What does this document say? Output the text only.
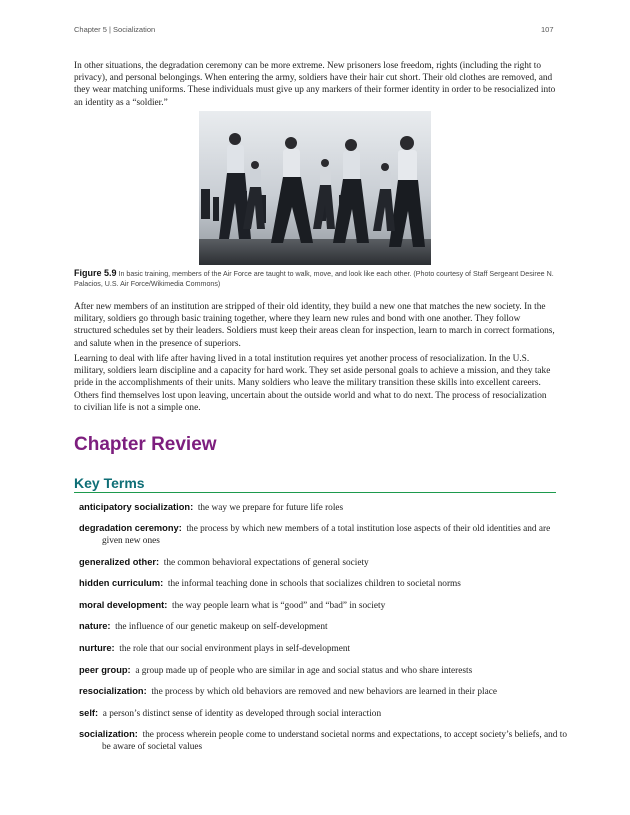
Chapter 5 | Socialization	107

In other situations, the degradation ceremony can be more extreme. New prisoners lose freedom, rights (including the right to privacy), and personal belongings. When entering the army, soldiers have their hair cut short. Their old clothes are removed, and they wear matching uniforms. These individuals must give up any markers of their former identity in order to be resocialized into an identity as a “soldier.”

Figure 5.9 In basic training, members of the Air Force are taught to walk, move, and look like each other. (Photo courtesy of Staff Sergeant Desiree N. Palacios, U.S. Air Force/Wikimedia Commons)

After new members of an institution are stripped of their old identity, they build a new one that matches the new society. In the military, soldiers go through basic training together, where they learn new rules and bond with one another. They follow structured schedules set by their leaders. Soldiers must keep their areas clean for inspection, learn to march in correct formations, and salute when in the presence of superiors.

Learning to deal with life after having lived in a total institution requires yet another process of resocialization. In the U.S. military, soldiers learn discipline and a capacity for hard work. They set aside personal goals to achieve a mission, and they take pride in the accomplishments of their units. Many soldiers who leave the military transition these skills into excellent careers. Others find themselves lost upon leaving, uncertain about the outside world and what to do next. The process of resocialization to civilian life is not a simple one.

Chapter Review
Key Terms

anticipatory socialization: the way we prepare for future life roles

degradation ceremony: the process by which new members of a total institution lose aspects of their old identities and are given new ones

generalized other: the common behavioral expectations of general society

hidden curriculum: the informal teaching done in schools that socializes children to societal norms

moral development: the way people learn what is “good” and “bad” in society

nature: the influence of our genetic makeup on self-development

nurture: the role that our social environment plays in self-development

peer group: a group made up of people who are similar in age and social status and who share interests

resocialization: the process by which old behaviors are removed and new behaviors are learned in their place

self: a person’s distinct sense of identity as developed through social interaction

socialization: the process wherein people come to understand societal norms and expectations, to accept society’s beliefs, and to be aware of societal values
